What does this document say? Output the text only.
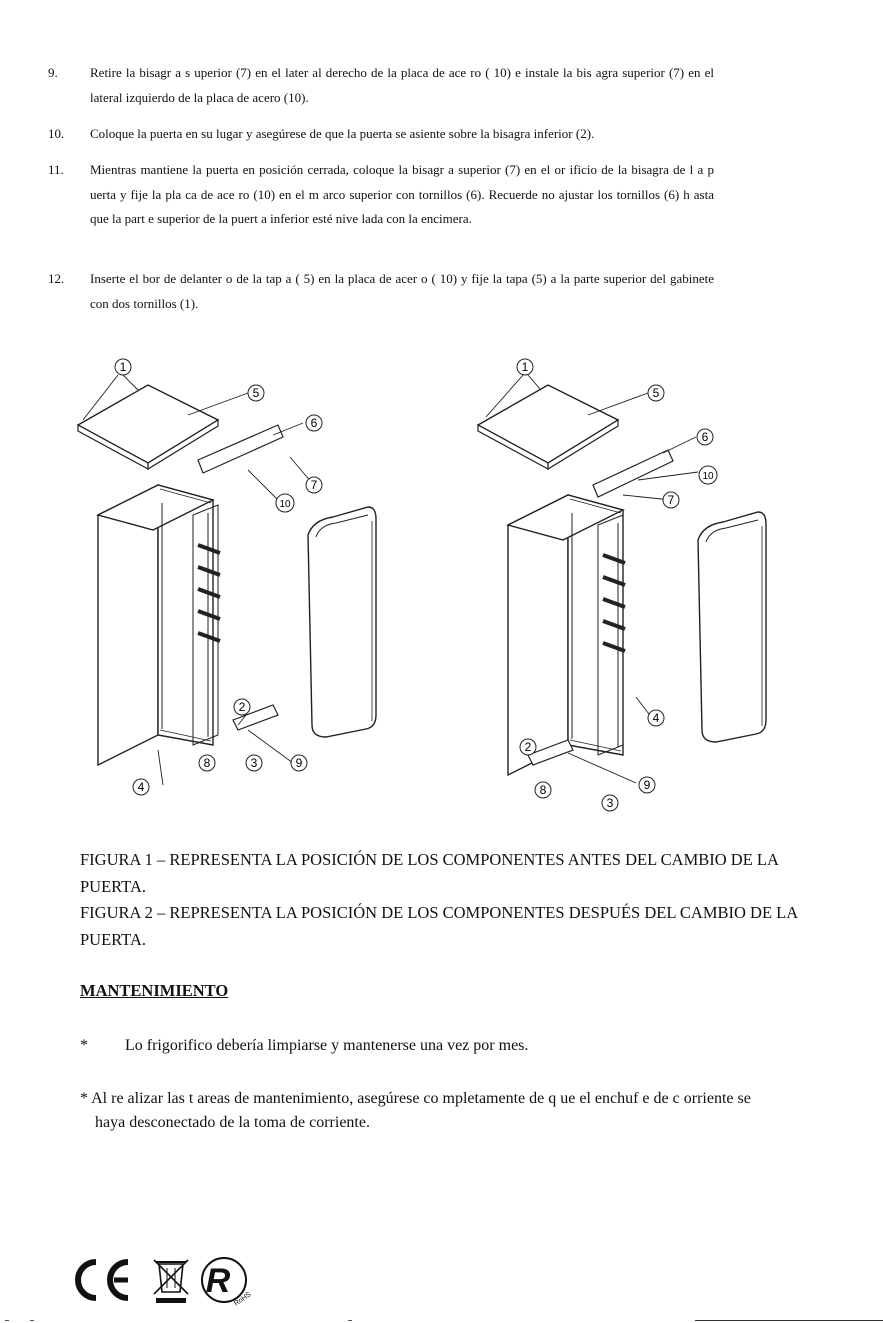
9. Retire la bisagr a s uperior (7) en el later al derecho de la placa de ace ro ( 10) e instale la bis agra superior (7) en el lateral izquierdo de la placa de acero (10).
10. Coloque la puerta en su lugar y asegúrese de que la puerta se asiente sobre la bisagra inferior (2).
11. Mientras mantiene la puerta en posición cerrada, coloque la bisagr a superior (7) en el or ificio de la bisagra de l a p uerta y fije la pla ca de ace ro (10) en el m arco superior con tornillos (6). Recuerde no ajustar los tornillos (6) h asta que la part e superior de la puert a inferior esté nive lada con la encimera.
12. Inserte el bor de delanter o de la tap a ( 5) en la placa de acer o ( 10) y fije la tapa (5) a la parte superior del gabinete con dos tornillos (1).
1
5
6
7
10
2
8	3	9
4
1
5
6
10
7
4
2
9
8
3

FIGURA 1 – REPRESENTA LA POSICIÓN DE LOS COMPONENTES ANTES DEL CAMBIO DE LA PUERTA.

FIGURA 2 – REPRESENTA LA POSICIÓN DE LOS COMPONENTES DESPUÉS DEL CAMBIO DE LA PUERTA.

MANTENIMIENTO
* Lo frigorifico debería limpiarse y mantenerse una vez por mes.
* Al re alizar las t areas de mantenimiento, asegúrese co mpletamente de q ue el enchuf e de c orriente se
haya desconectado de la toma de corriente.
R RoHS
